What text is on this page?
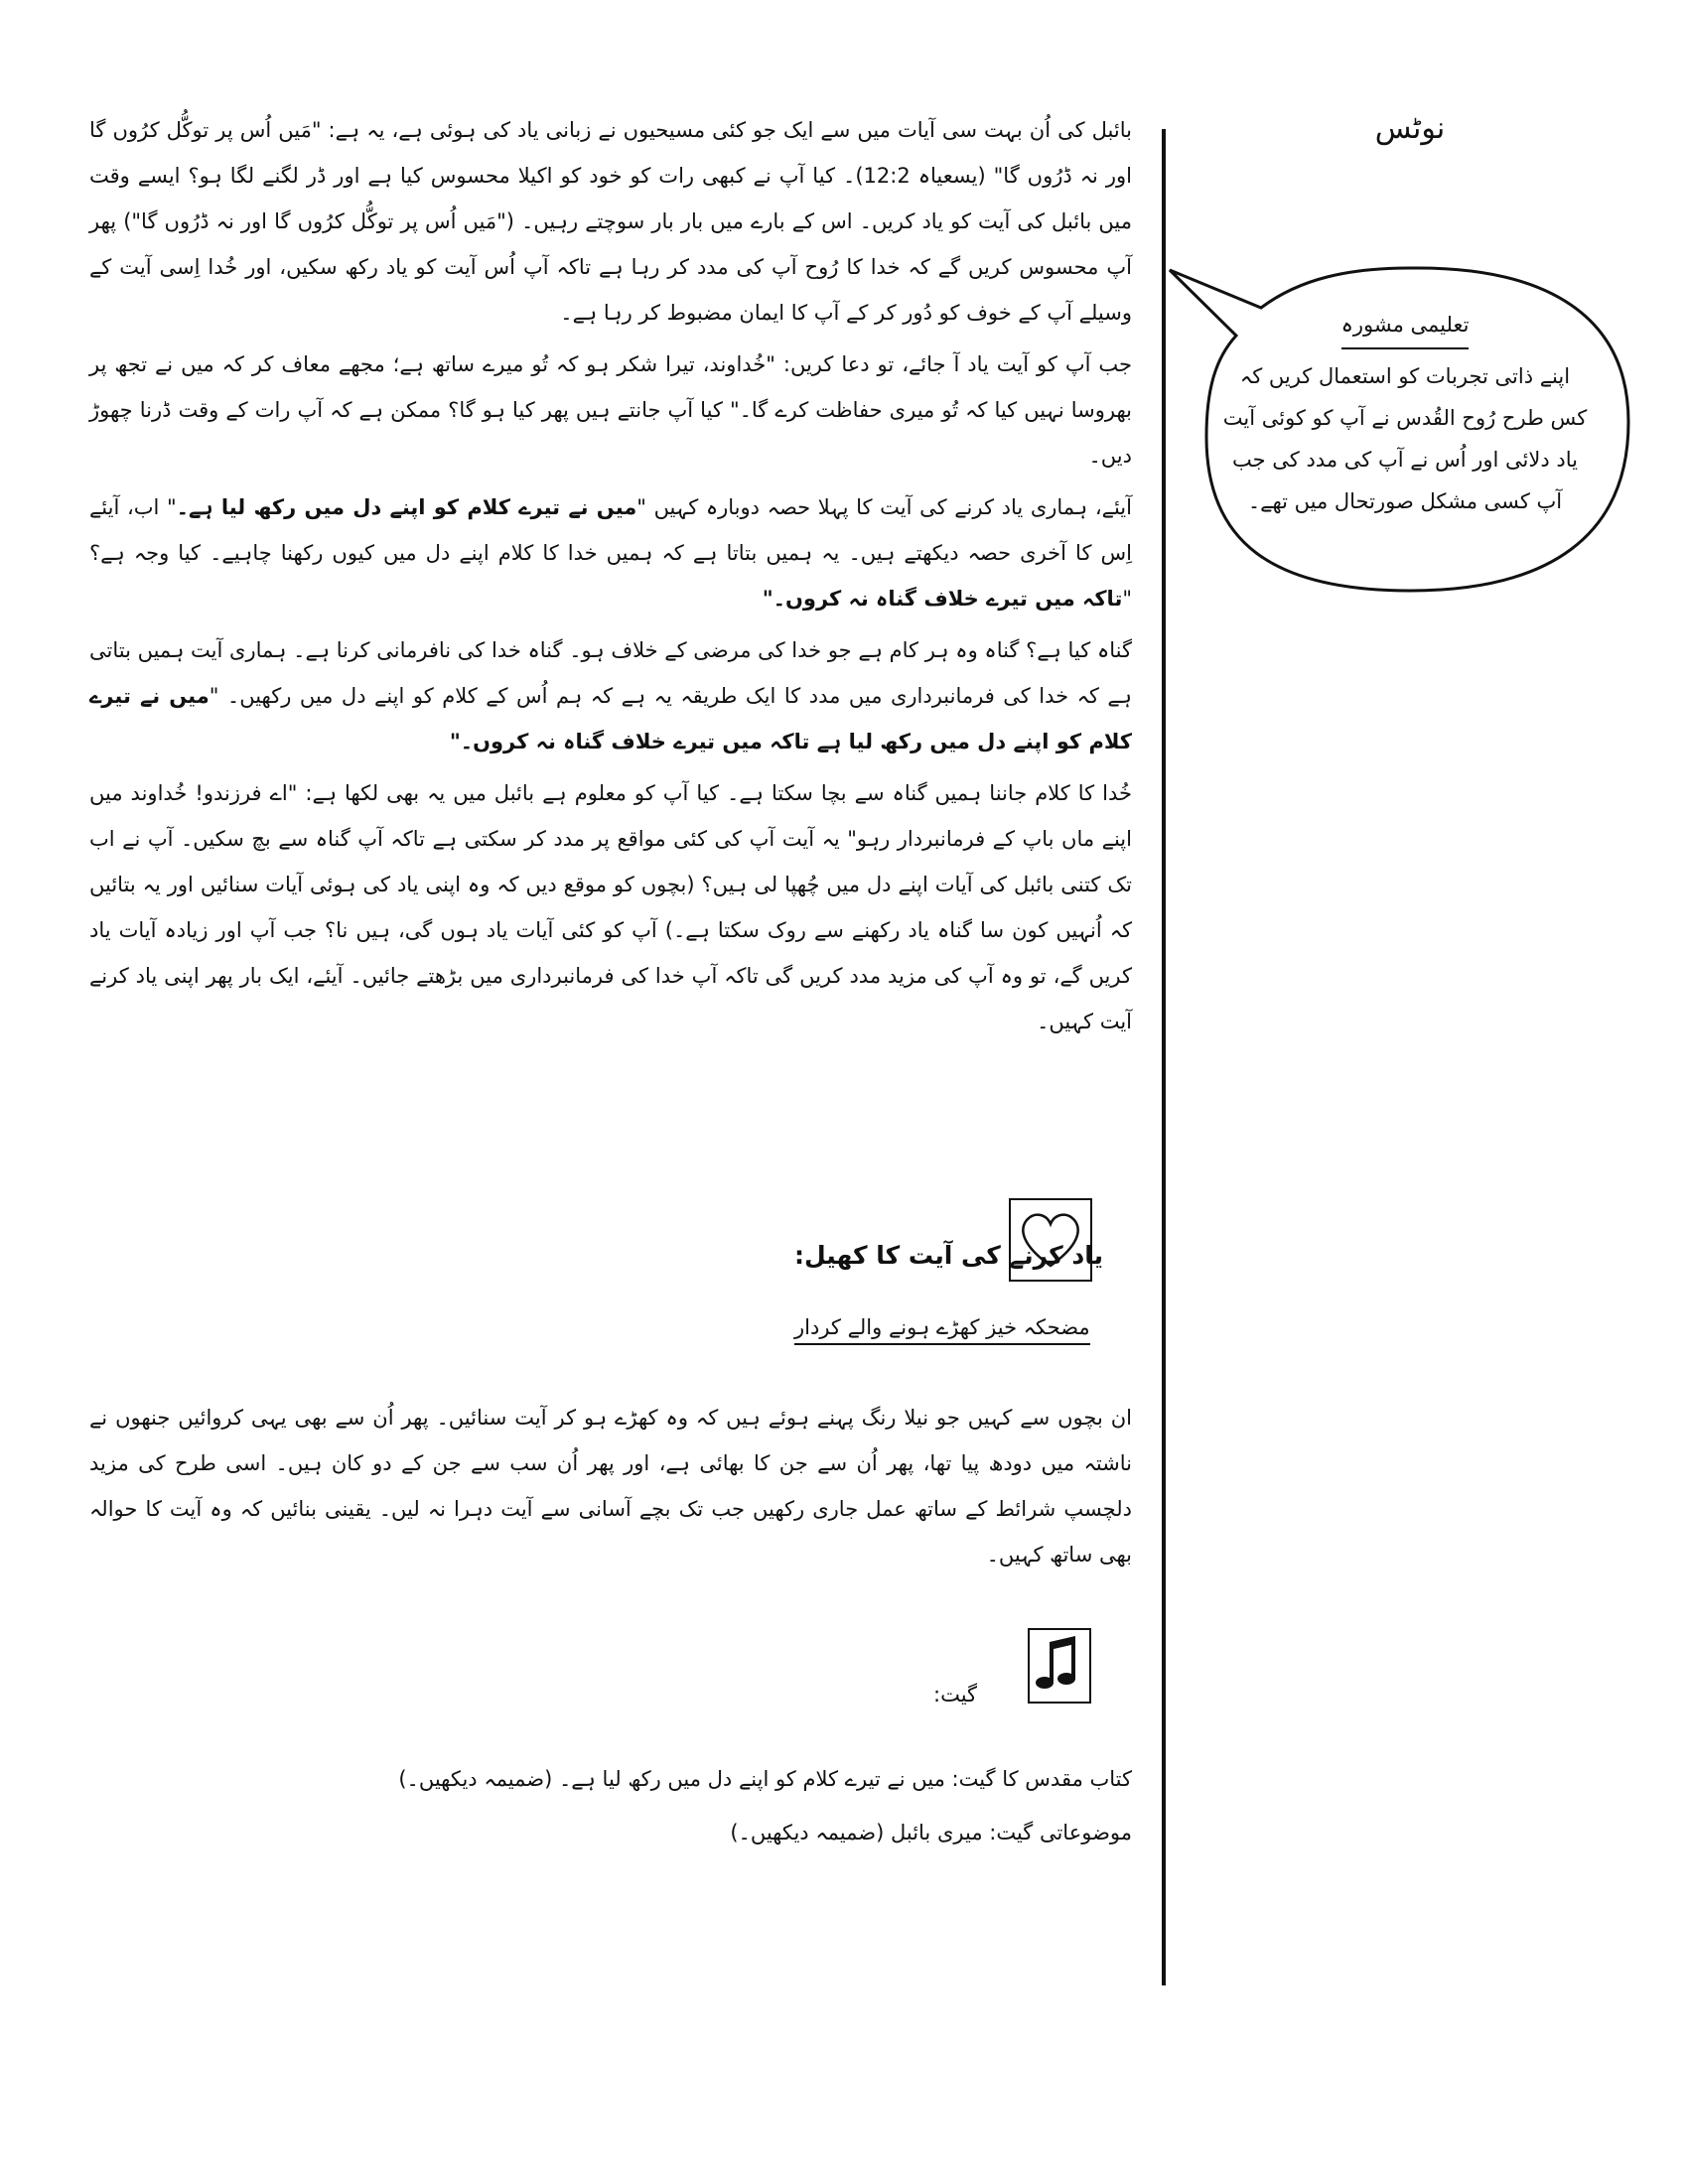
نوٹس
تعلیمی مشورہ
اپنے ذاتی تجربات کو استعمال کریں کہ کس طرح رُوح القُدس نے آپ کو کوئی آیت یاد دلائی اور اُس نے آپ کی مدد کی جب آپ کسی مشکل صورتحال میں تھے۔

بائبل کی اُن بہت سی آیات میں سے ایک جو کئی مسیحیوں نے زبانی یاد کی ہوئی ہے، یہ ہے: "مَیں اُس پر توکُّل کرُوں گا اور نہ ڈرُوں گا" (یسعیاہ 12:2)۔ کیا آپ نے کبھی رات کو خود کو اکیلا محسوس کیا ہے اور ڈر لگنے لگا ہو؟ ایسے وقت میں بائبل کی آیت کو یاد کریں۔ اس کے بارے میں بار بار سوچتے رہیں۔ ("مَیں اُس پر توکُّل کرُوں گا اور نہ ڈرُوں گا") پھر آپ محسوس کریں گے کہ خدا کا رُوح آپ کی مدد کر رہا ہے تاکہ آپ اُس آیت کو یاد رکھ سکیں، اور خُدا اِسی آیت کے وسیلے آپ کے خوف کو دُور کر کے آپ کا ایمان مضبوط کر رہا ہے۔

جب آپ کو آیت یاد آ جائے، تو دعا کریں: "خُداوند، تیرا شکر ہو کہ تُو میرے ساتھ ہے؛ مجھے معاف کر کہ میں نے تجھ پر بھروسا نہیں کیا کہ تُو میری حفاظت کرے گا۔" کیا آپ جانتے ہیں پھر کیا ہو گا؟ ممکن ہے کہ آپ رات کے وقت ڈرنا چھوڑ دیں۔

آیئے، ہماری یاد کرنے کی آیت کا پہلا حصہ دوبارہ کہیں "میں نے تیرے کلام کو اپنے دل میں رکھ لیا ہے۔" اب، آیئے اِس کا آخری حصہ دیکھتے ہیں۔ یہ ہمیں بتاتا ہے کہ ہمیں خدا کا کلام اپنے دل میں کیوں رکھنا چاہیے۔ کیا وجہ ہے؟ "تاکہ میں تیرے خلاف گناہ نہ کروں۔"

گناہ کیا ہے؟ گناہ وہ ہر کام ہے جو خدا کی مرضی کے خلاف ہو۔ گناہ خدا کی نافرمانی کرنا ہے۔ ہماری آیت ہمیں بتاتی ہے کہ خدا کی فرمانبرداری میں مدد کا ایک طریقہ یہ ہے کہ ہم اُس کے کلام کو اپنے دل میں رکھیں۔ "میں نے تیرے کلام کو اپنے دل میں رکھ لیا ہے تاکہ میں تیرے خلاف گناہ نہ کروں۔"

خُدا کا کلام جاننا ہمیں گناہ سے بچا سکتا ہے۔ کیا آپ کو معلوم ہے بائبل میں یہ بھی لکھا ہے: "اے فرزندو! خُداوند میں اپنے ماں باپ کے فرمانبردار رہو" یہ آیت آپ کی کئی مواقع پر مدد کر سکتی ہے تاکہ آپ گناہ سے بچ سکیں۔ آپ نے اب تک کتنی بائبل کی آیات اپنے دل میں چُھپا لی ہیں؟ (بچوں کو موقع دیں کہ وہ اپنی یاد کی ہوئی آیات سنائیں اور یہ بتائیں کہ اُنہیں کون سا گناہ یاد رکھنے سے روک سکتا ہے۔) آپ کو کئی آیات یاد ہوں گی، ہیں نا؟ جب آپ اور زیادہ آیات یاد کریں گے، تو وہ آپ کی مزید مدد کریں گی تاکہ آپ خدا کی فرمانبرداری میں بڑھتے جائیں۔ آیئے، ایک بار پھر اپنی یاد کرنے آیت کہیں۔

یاد کرنے کی آیت کا کھیل:
مضحکہ خیز کھڑے ہونے والے کردار

ان بچوں سے کہیں جو نیلا رنگ پہنے ہوئے ہیں کہ وہ کھڑے ہو کر آیت سنائیں۔ پھر اُن سے بھی یہی کروائیں جنھوں نے ناشتہ میں دودھ پیا تھا، پھر اُن سے جن کا بھائی ہے، اور پھر اُن سب سے جن کے دو کان ہیں۔ اسی طرح کی مزید دلچسپ شرائط کے ساتھ عمل جاری رکھیں جب تک بچے آسانی سے آیت دہرا نہ لیں۔ یقینی بنائیں کہ وہ آیت کا حوالہ بھی ساتھ کہیں۔

گیت:

کتاب مقدس کا گیت: میں نے تیرے کلام کو اپنے دل میں رکھ لیا ہے۔ (ضمیمہ دیکھیں۔)

موضوعاتی گیت: میری بائبل (ضمیمہ دیکھیں۔)
